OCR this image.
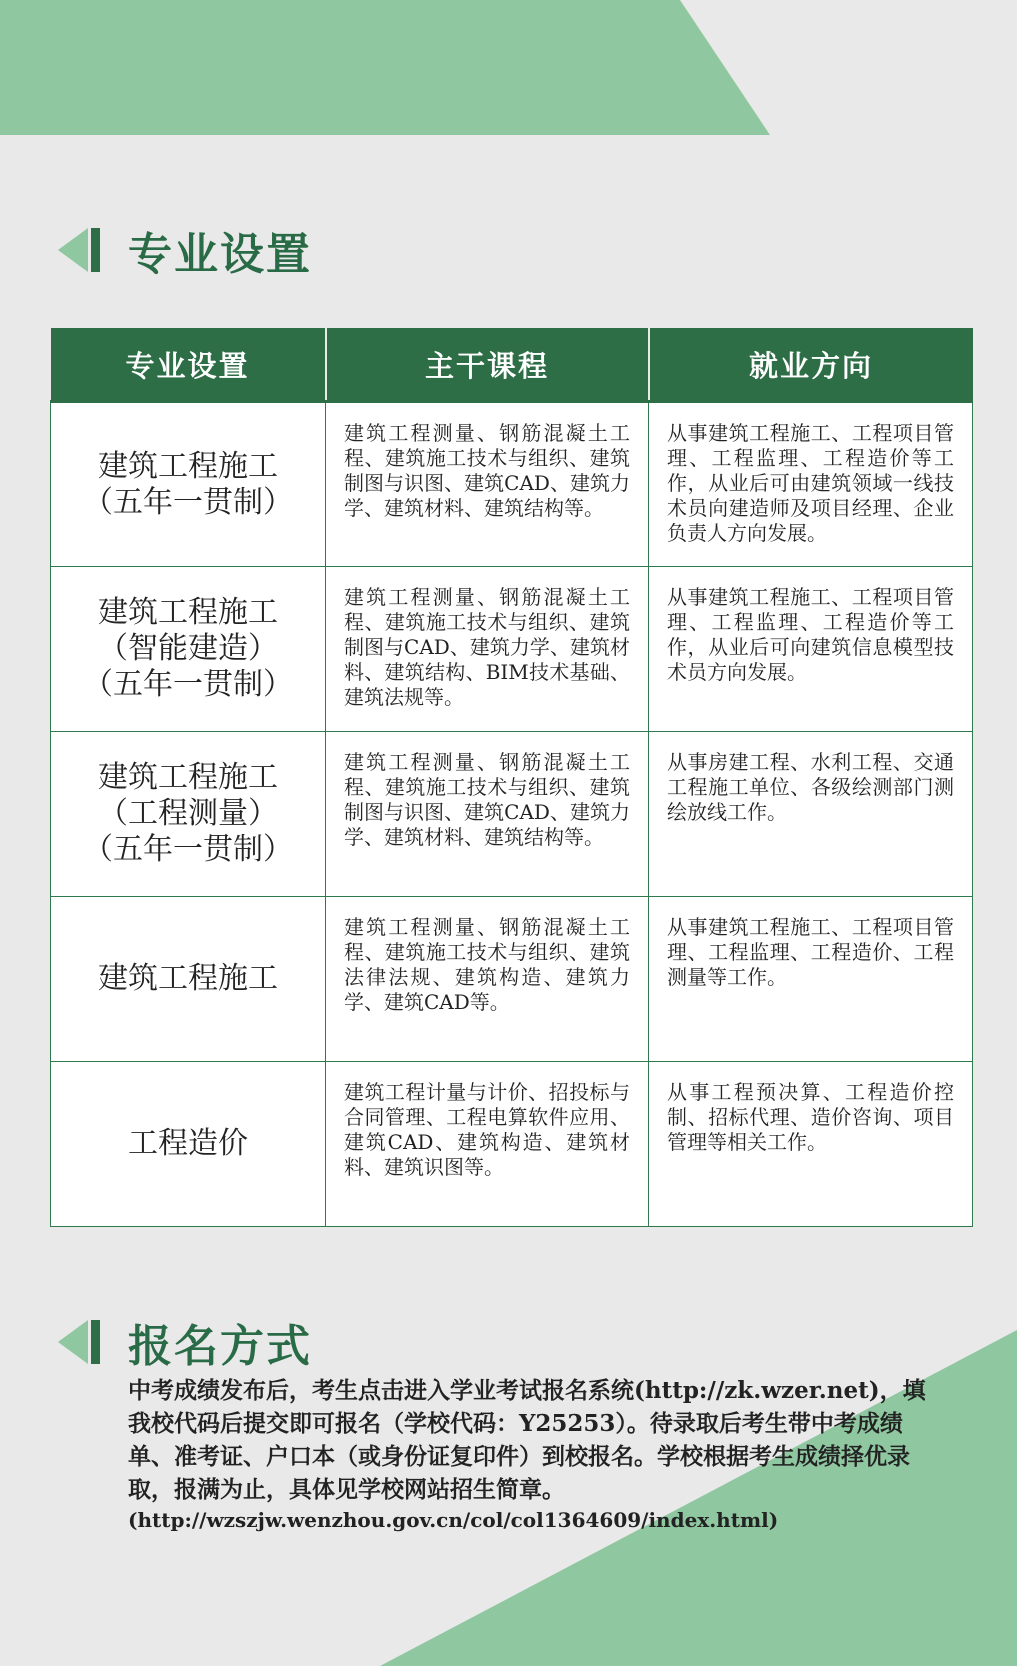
专业设置
专业设置	主干课程	就业方向

建筑工程施工
（五年一贯制）	建筑工程测量、钢筋混凝土工程、建筑施工技术与组织、建筑制图与识图、建筑CAD、建筑力学、建筑材料、建筑结构等。	从事建筑工程施工、工程项目管理、工程监理、工程造价等工作，从业后可由建筑领域一线技术员向建造师及项目经理、企业负责人方向发展。

建筑工程施工
（智能建造）
（五年一贯制）	建筑工程测量、钢筋混凝土工程、建筑施工技术与组织、建筑制图与CAD、建筑力学、建筑材料、建筑结构、BIM技术基础、建筑法规等。	从事建筑工程施工、工程项目管理、工程监理、工程造价等工作，从业后可向建筑信息模型技术员方向发展。

建筑工程施工
（工程测量）
（五年一贯制）	建筑工程测量、钢筋混凝土工程、建筑施工技术与组织、建筑制图与识图、建筑CAD、建筑力学、建筑材料、建筑结构等。	从事房建工程、水利工程、交通工程施工单位、各级绘测部门测绘放线工作。

建筑工程施工	建筑工程测量、钢筋混凝土工程、建筑施工技术与组织、建筑法律法规、建筑构造、建筑力学、建筑CAD等。	从事建筑工程施工、工程项目管理、工程监理、工程造价、工程测量等工作。

工程造价	建筑工程计量与计价、招投标与合同管理、工程电算软件应用、建筑CAD、建筑构造、建筑材料、建筑识图等。	从事工程预决算、工程造价控制、招标代理、造价咨询、项目管理等相关工作。
报名方式
中考成绩发布后，考生点击进入学业考试报名系统(http://zk.wzer.net)，填我校代码后提交即可报名（学校代码：Y25253）。待录取后考生带中考成绩单、准考证、户口本（或身份证复印件）到校报名。学校根据考生成绩择优录取，报满为止，具体见学校网站招生简章。
(http://wzszjw.wenzhou.gov.cn/col/col1364609/index.html)
